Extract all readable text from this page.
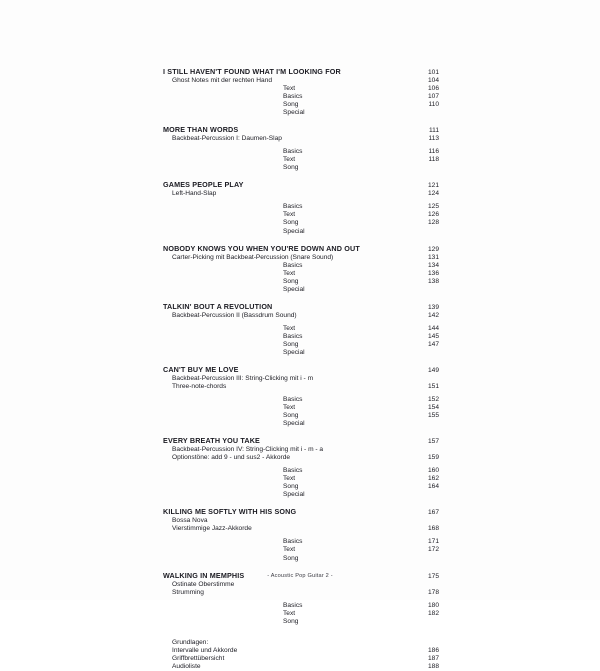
I STILL HAVEN'T FOUND WHAT I'M LOOKING FOR	101
Ghost Notes mit der rechten Hand	104
Text	106
Basics	107
Song	110
Special
MORE THAN WORDS	111
Backbeat-Percussion I: Daumen-Slap	113
Basics	116
Text	118
Song
GAMES PEOPLE PLAY	121
Left-Hand-Slap	124
Basics	125
Text	126
Song	128
Special
NOBODY KNOWS YOU WHEN YOU'RE DOWN AND OUT	129
Carter-Picking mit Backbeat-Percussion (Snare Sound)	131
Basics	134
Text	136
Song	138
Special
TALKIN' BOUT A REVOLUTION	139
Backbeat-Percussion II (Bassdrum Sound)	142
Text	144
Basics	145
Song	147
Special
CAN'T BUY ME LOVE	149
Backbeat-Percussion III: String-Clicking mit i - m
Three-note-chords	151
Basics	152
Text	154
Song	155
Special
EVERY BREATH YOU TAKE	157
Backbeat-Percussion IV: String-Clicking mit i - m - a
Optionstöne: add 9 - und sus2 - Akkorde	159
Basics	160
Text	162
Song	164
Special
KILLING ME SOFTLY WITH HIS SONG	167
Bossa Nova
Vierstimmige Jazz-Akkorde	168
Basics	171
Text	172
Song
WALKING IN MEMPHIS	175
Ostinate Oberstimme
Strumming	178
Basics	180
Text	182
Song
Grundlagen:
Intervalle und Akkorde	186
Griffbrettübersicht	187
Audioliste	188
- Acoustic Pop Guitar 2 -
